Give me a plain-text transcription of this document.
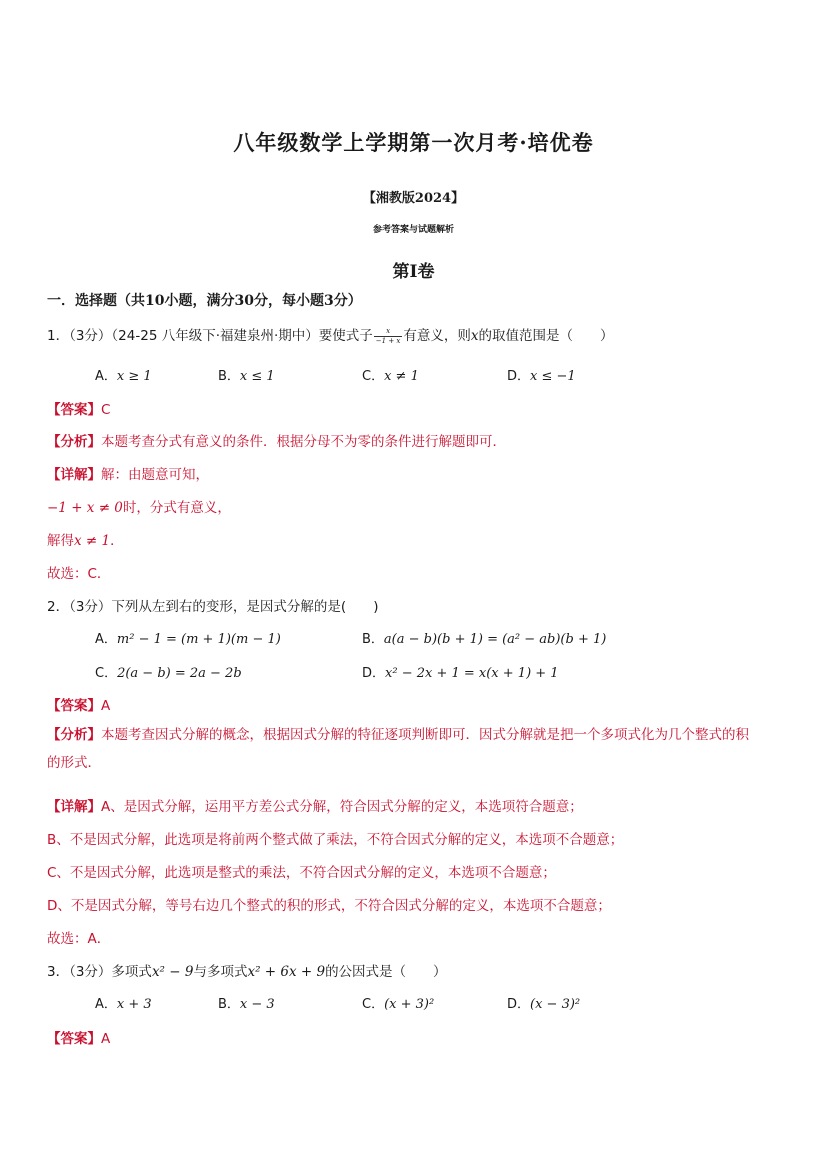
八年级数学上学期第一次月考·培优卷
【湘教版2024】
参考答案与试题解析
第I卷
一．选择题（共10小题，满分30分，每小题3分）
1．（3分）（24-25 八年级下·福建泉州·期中）要使式子 $\frac{x}{-1 + x}$ 有意义，则x的取值范围是（　　）
A．x ≥ 1	B．x ≤ 1	C．x ≠ 1	D．x ≤ −1
【答案】C
【分析】本题考查分式有意义的条件．根据分母不为零的条件进行解题即可．
【详解】解：由题意可知，
−1 + x ≠ 0时，分式有意义，
解得x ≠ 1．
故选：C．
2．（3分）下列从左到右的变形，是因式分解的是(　　)
A．m² − 1 = (m + 1)(m − 1)	B．a(a − b)(b + 1) = (a² − ab)(b + 1)
C．2(a − b) = 2a − 2b	D．x² − 2x + 1 = x(x + 1) + 1
【答案】A
【分析】本题考查因式分解的概念，根据因式分解的特征逐项判断即可．因式分解就是把一个多项式化为几个整式的积的形式．
【详解】A、是因式分解，运用平方差公式分解，符合因式分解的定义，本选项符合题意；
B、不是因式分解，此选项是将前两个整式做了乘法，不符合因式分解的定义，本选项不合题意；
C、不是因式分解，此选项是整式的乘法，不符合因式分解的定义，本选项不合题意；
D、不是因式分解，等号右边几个整式的积的形式，不符合因式分解的定义，本选项不合题意；
故选：A．
3．（3分）多项式x² − 9与多项式x² + 6x + 9的公因式是（　　）
A．x + 3	B．x − 3	C．(x + 3)²	D．(x − 3)²
【答案】A
